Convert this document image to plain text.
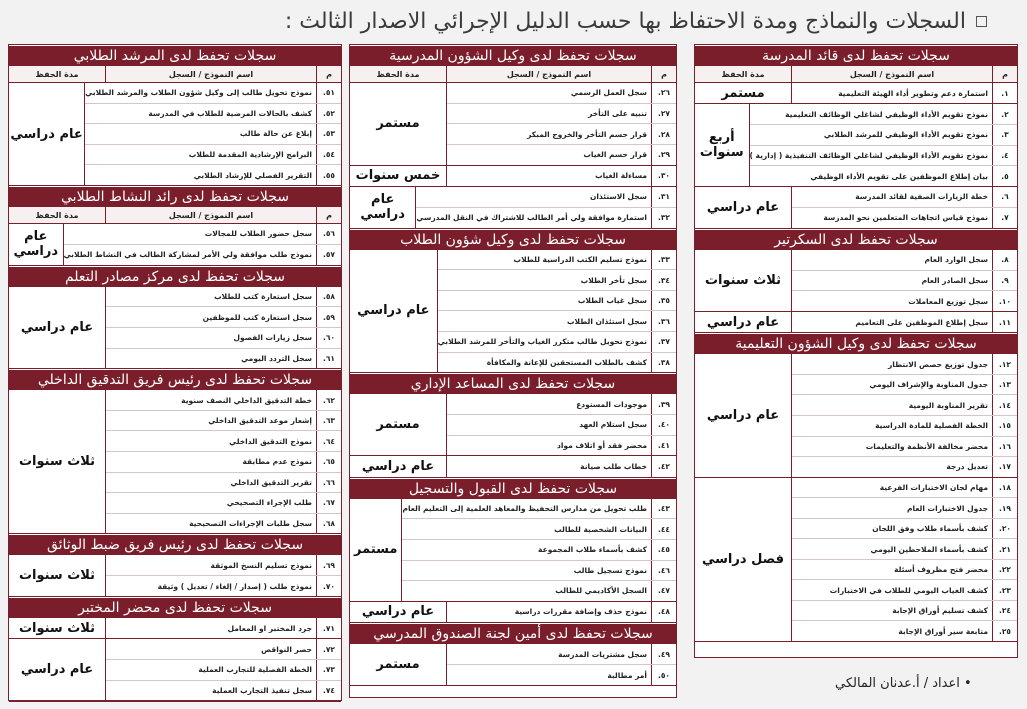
السجلات والنماذج ومدة الاحتفاظ بها حسب الدليل الإجرائي الاصدار الثالث :
سجلات تحفظ لدى قائد المدرسة
م
اسم النموذج / السجل
مدة الحفظ
١.
استمارة دعم وتطوير أداء الهيئة التعليمية
مستمر
٢.
نموذج تقويم الأداء الوظيفي لشاغلي الوظائف التعليمية
٣.
نموذج تقويم الأداء الوظيفي للمرشد الطلابي
٤.
نموذج تقويم الأداء الوظيفي لشاغلي الوظائف التنفيذية ( إدارية )
٥.
بيان إطلاع الموظفين على تقويم الأداء الوظيفي
أربع سنوات
٦.
خطة الزيارات الصفية لقائد المدرسة
٧.
نموذج قياس اتجاهات المتعلمين نحو المدرسة
عام دراسي
سجلات تحفظ لدى السكرتير
٨.
سجل الوارد العام
٩.
سجل الصادر العام
١٠.
سجل توزيع المعاملات
ثلاث سنوات
١١.
سجل إطلاع الموظفين على التعاميم
عام دراسي
سجلات تحفظ لدى وكيل الشؤون التعليمية
١٢.
جدول توزيع حصص الانتظار
١٣.
جدول المناوبة والإشراف اليومي
١٤.
تقرير المناوبة اليومية
١٥.
الخطة الفصلية للمادة الدراسية
١٦.
محضر مخالفة الأنظمة والتعليمات
١٧.
تعديل درجة
عام دراسي
١٨.
مهام لجان الاختبارات الفرعية
١٩.
جدول الاختبارات العام
٢٠.
كشف بأسماء طلاب وفق اللجان
٢١.
كشف بأسماء الملاحظين اليومي
٢٢.
محضر فتح مظروف أسئلة
٢٣.
كشف الغياب اليومي للطلاب في الاختبارات
٢٤.
كشف تسليم أوراق الإجابة
٢٥.
متابعة سير أوراق الإجابة
فصل دراسي
سجلات تحفظ لدى وكيل الشؤون المدرسية
م
اسم النموذج / السجل
مدة الحفظ
٢٦.
سجل العمل الرسمي
٢٧.
تنبيه على التأخر
٢٨.
قرار حسم التأخر والخروج المبكر
٢٩.
قرار حسم الغياب
مستمر
٣٠.
مساءلة الغياب
خمس سنوات
٣١.
سجل الاستئذان
٣٢.
استمارة موافقة ولي أمر الطالب للاشتراك في النقل المدرسي
عام دراسي
سجلات تحفظ لدى وكيل شؤون الطلاب
٣٣.
نموذج تسليم الكتب الدراسية للطلاب
٣٤.
سجل تأخر الطلاب
٣٥.
سجل غياب الطلاب
٣٦.
سجل استئذان الطلاب
٣٧.
نموذج تحويل طالب متكرر الغياب والتأخر للمرشد الطلابي
٣٨.
كشف بالطلاب المستحقين للإعانة والمكافأة
عام دراسي
سجلات تحفظ لدى المساعد الإداري
٣٩.
موجودات المستودع
٤٠.
سجل استلام العهد
٤١.
محضر فقد أو اتلاف مواد
مستمر
٤٢.
خطاب طلب صيانة
عام دراسي
سجلات تحفظ لدى القبول والتسجيل
٤٣.
طلب تحويل من مدارس التحفيظ والمعاهد العلمية إلى التعليم العام
٤٤.
البيانات الشخصية للطالب
٤٥.
كشف بأسماء طلاب المجموعة
٤٦.
نموذج تسجيل طالب
٤٧.
السجل الأكاديمي للطالب
مستمر
٤٨.
نموذج حذف وإضافة مقررات دراسية
عام دراسي
سجلات تحفظ لدى أمين لجنة الصندوق المدرسي
٤٩.
سجل مشتريات المدرسة
٥٠.
أمر مطالبة
مستمر
سجلات تحفظ لدى المرشد الطلابي
م
اسم النموذج / السجل
مدة الحفظ
٥١.
نموذج تحويل طالب إلى وكيل شؤون الطلاب والمرشد الطلابي
٥٢.
كشف بالحالات المرضية للطلاب في المدرسة
٥٣.
إبلاغ عن حالة طالب
٥٤.
البرامج الإرشادية المقدمة للطلاب
٥٥.
التقرير الفصلي للإرشاد الطلابي
عام دراسي
سجلات تحفظ لدى رائد النشاط الطلابي
م
اسم النموذج / السجل
مدة الحفظ
٥٦.
سجل حضور الطلاب للمجالات
٥٧.
نموذج طلب موافقة ولي الأمر لمشاركة الطالب في النشاط الطلابي
عام دراسي
سجلات تحفظ لدى مركز مصادر التعلم
٥٨.
سجل استعارة كتب للطلاب
٥٩.
سجل استعارة كتب للموظفين
٦٠.
سجل زيارات الفصول
٦١.
سجل التردد اليومي
عام دراسي
سجلات تحفظ لدى رئيس فريق التدقيق الداخلي
٦٢.
خطة التدقيق الداخلي النصف سنوية
٦٣.
إشعار موعد التدقيق الداخلي
٦٤.
نموذج التدقيق الداخلي
٦٥.
نموذج عدم مطابقة
٦٦.
تقرير التدقيق الداخلي
٦٧.
طلب الإجراء التصحيحي
٦٨.
سجل طلبات الإجراءات التصحيحية
ثلاث سنوات
سجلات تحفظ لدى رئيس فريق ضبط الوثائق
٦٩.
نموذج تسليم النسخ الموثقة
٧٠.
نموذج طلب ( إصدار / إلغاء / تعديل ) وثيقة
ثلاث سنوات
سجلات تحفظ لدى محضر المختبر
٧١.
جرد المختبر او المعامل
ثلاث سنوات
٧٢.
حصر النواقص
٧٣.
الخطة الفصلية للتجارب العملية
٧٤.
سجل تنفيذ التجارب العملية
عام دراسي
• اعداد / أ.عدنان المالكي
